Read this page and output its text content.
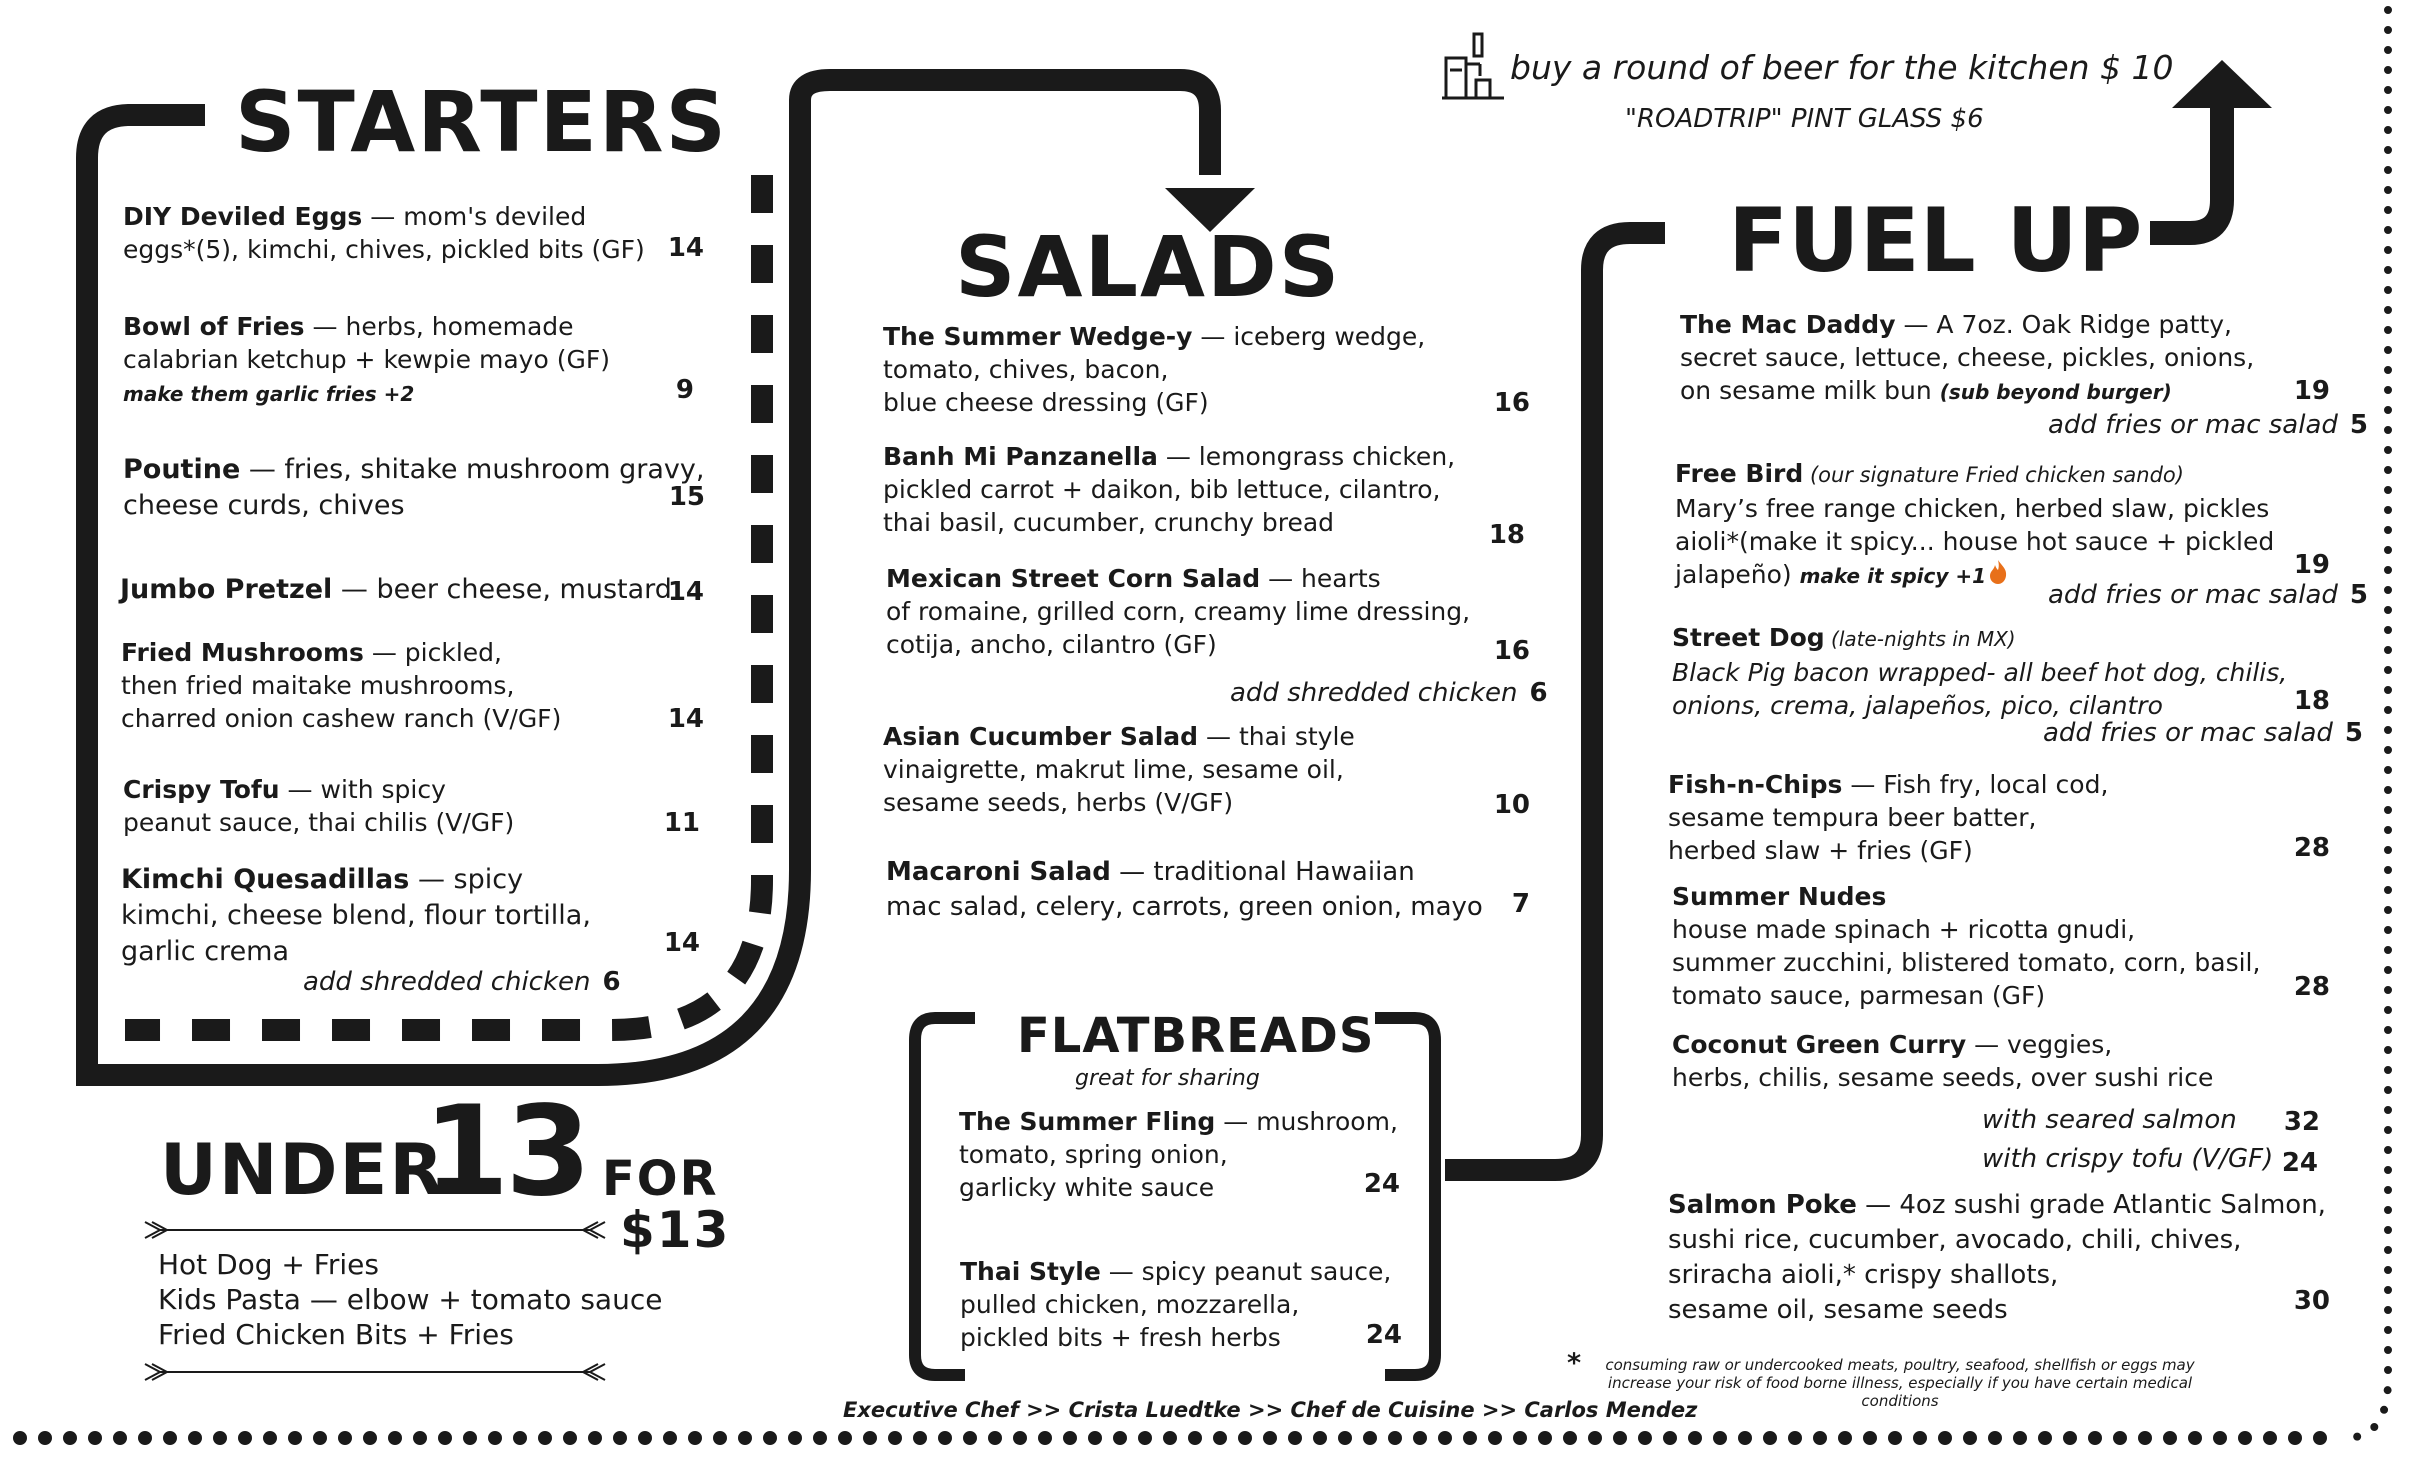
buy a round of beer for the kitchen $ 10
"ROADTRIP" PINT GLASS $6
STARTERS
DIY Deviled Eggs — mom's deviled
eggs*(5), kimchi, chives, pickled bits (GF) 14
Bowl of Fries — herbs, homemade
calabrian ketchup + kewpie mayo (GF)
make them garlic fries +2	9
Poutine — fries, shitake mushroom gravy,
cheese curds, chives	15
Jumbo Pretzel — beer cheese, mustard
14
Fried Mushrooms — pickled,
then fried maitake mushrooms,
charred onion cashew ranch (V/GF)	14
Crispy Tofu — with spicy
peanut sauce, thai chilis (V/GF)	11
Kimchi Quesadillas — spicy
kimchi, cheese blend, flour tortilla,
garlic crema	14
add shredded chicken 6
UNDER
13 FOR
$13
Hot Dog + Fries
Kids Pasta — elbow + tomato sauce
Fried Chicken Bits + Fries
SALADS
The Summer Wedge-y — iceberg wedge,
tomato, chives, bacon,
blue cheese dressing (GF)	16
Banh Mi Panzanella — lemongrass chicken,
pickled carrot + daikon, bib lettuce, cilantro,
thai basil, cucumber, crunchy bread	18
Mexican Street Corn Salad — hearts
of romaine, grilled corn, creamy lime dressing,
cotija, ancho, cilantro (GF)	16
add shredded chicken 6
Asian Cucumber Salad — thai style
vinaigrette, makrut lime, sesame oil,
sesame seeds, herbs (V/GF)	10
Macaroni Salad — traditional Hawaiian
mac salad, celery, carrots, green onion, mayo	7
FLATBREADS
great for sharing
The Summer Fling — mushroom,
tomato, spring onion,
garlicky white sauce	24
Thai Style — spicy peanut sauce,
pulled chicken, mozzarella,
pickled bits + fresh herbs	24
FUEL UP
The Mac Daddy — A 7oz. Oak Ridge patty,
secret sauce, lettuce, cheese, pickles, onions,
on sesame milk bun (sub beyond burger)	19
add fries or mac salad 5
Free Bird (our signature Fried chicken sando)
Mary’s free range chicken, herbed slaw, pickles
aioli*(make it spicy... house hot sauce + pickled
jalapeño) make it spicy +1	19
add fries or mac salad 5
Street Dog (late-nights in MX)
Black Pig bacon wrapped- all beef hot dog, chilis,
onions, crema, jalapeños, pico, cilantro	18
add fries or mac salad 5
Fish-n-Chips — Fish fry, local cod,
sesame tempura beer batter,
herbed slaw + fries (GF)	28
Summer Nudes
house made spinach + ricotta gnudi,
summer zucchini, blistered tomato, corn, basil,
tomato sauce, parmesan (GF)	28
Coconut Green Curry — veggies,
herbs, chilis, sesame seeds, over sushi rice
with seared salmon	32
with crispy tofu (V/GF) 24
Salmon Poke — 4oz sushi grade Atlantic Salmon,
sushi rice, cucumber, avocado, chili, chives,
sriracha aioli,* crispy shallots,
sesame oil, sesame seeds	30
*	consuming raw or undercooked meats, poultry, seafood, shellfish or eggs may
increase your risk of food borne illness, especially if you have certain medical
conditions
Executive Chef >> Crista Luedtke >> Chef de Cuisine >> Carlos Mendez
